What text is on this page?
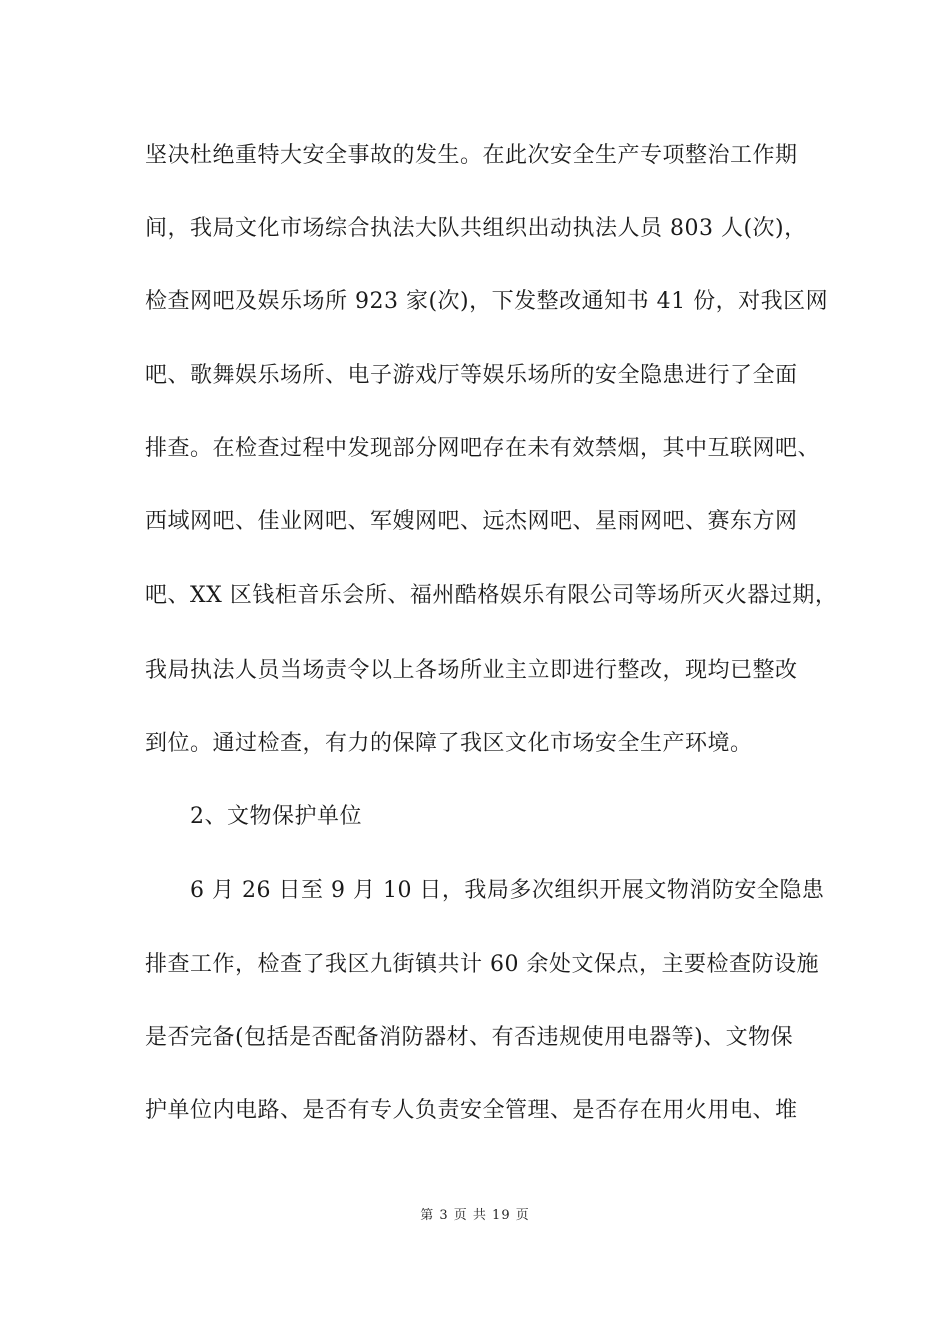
坚决杜绝重特大安全事故的发生。在此次安全生产专项整治工作期
间，我局文化市场综合执法大队共组织出动执法人员 803 人(次)，
检查网吧及娱乐场所 923 家(次)，下发整改通知书 41 份，对我区网
吧、歌舞娱乐场所、电子游戏厅等娱乐场所的安全隐患进行了全面
排查。在检查过程中发现部分网吧存在未有效禁烟，其中互联网吧、
西域网吧、佳业网吧、军嫂网吧、远杰网吧、星雨网吧、赛东方网
吧、XX 区钱柜音乐会所、福州酷格娱乐有限公司等场所灭火器过期，
我局执法人员当场责令以上各场所业主立即进行整改，现均已整改
到位。通过检查，有力的保障了我区文化市场安全生产环境。
2、文物保护单位
6 月 26 日至 9 月 10 日，我局多次组织开展文物消防安全隐患
排查工作，检查了我区九街镇共计 60 余处文保点，主要检查防设施
是否完备(包括是否配备消防器材、有否违规使用电器等)、文物保
护单位内电路、是否有专人负责安全管理、是否存在用火用电、堆
第 3 页 共 19 页
